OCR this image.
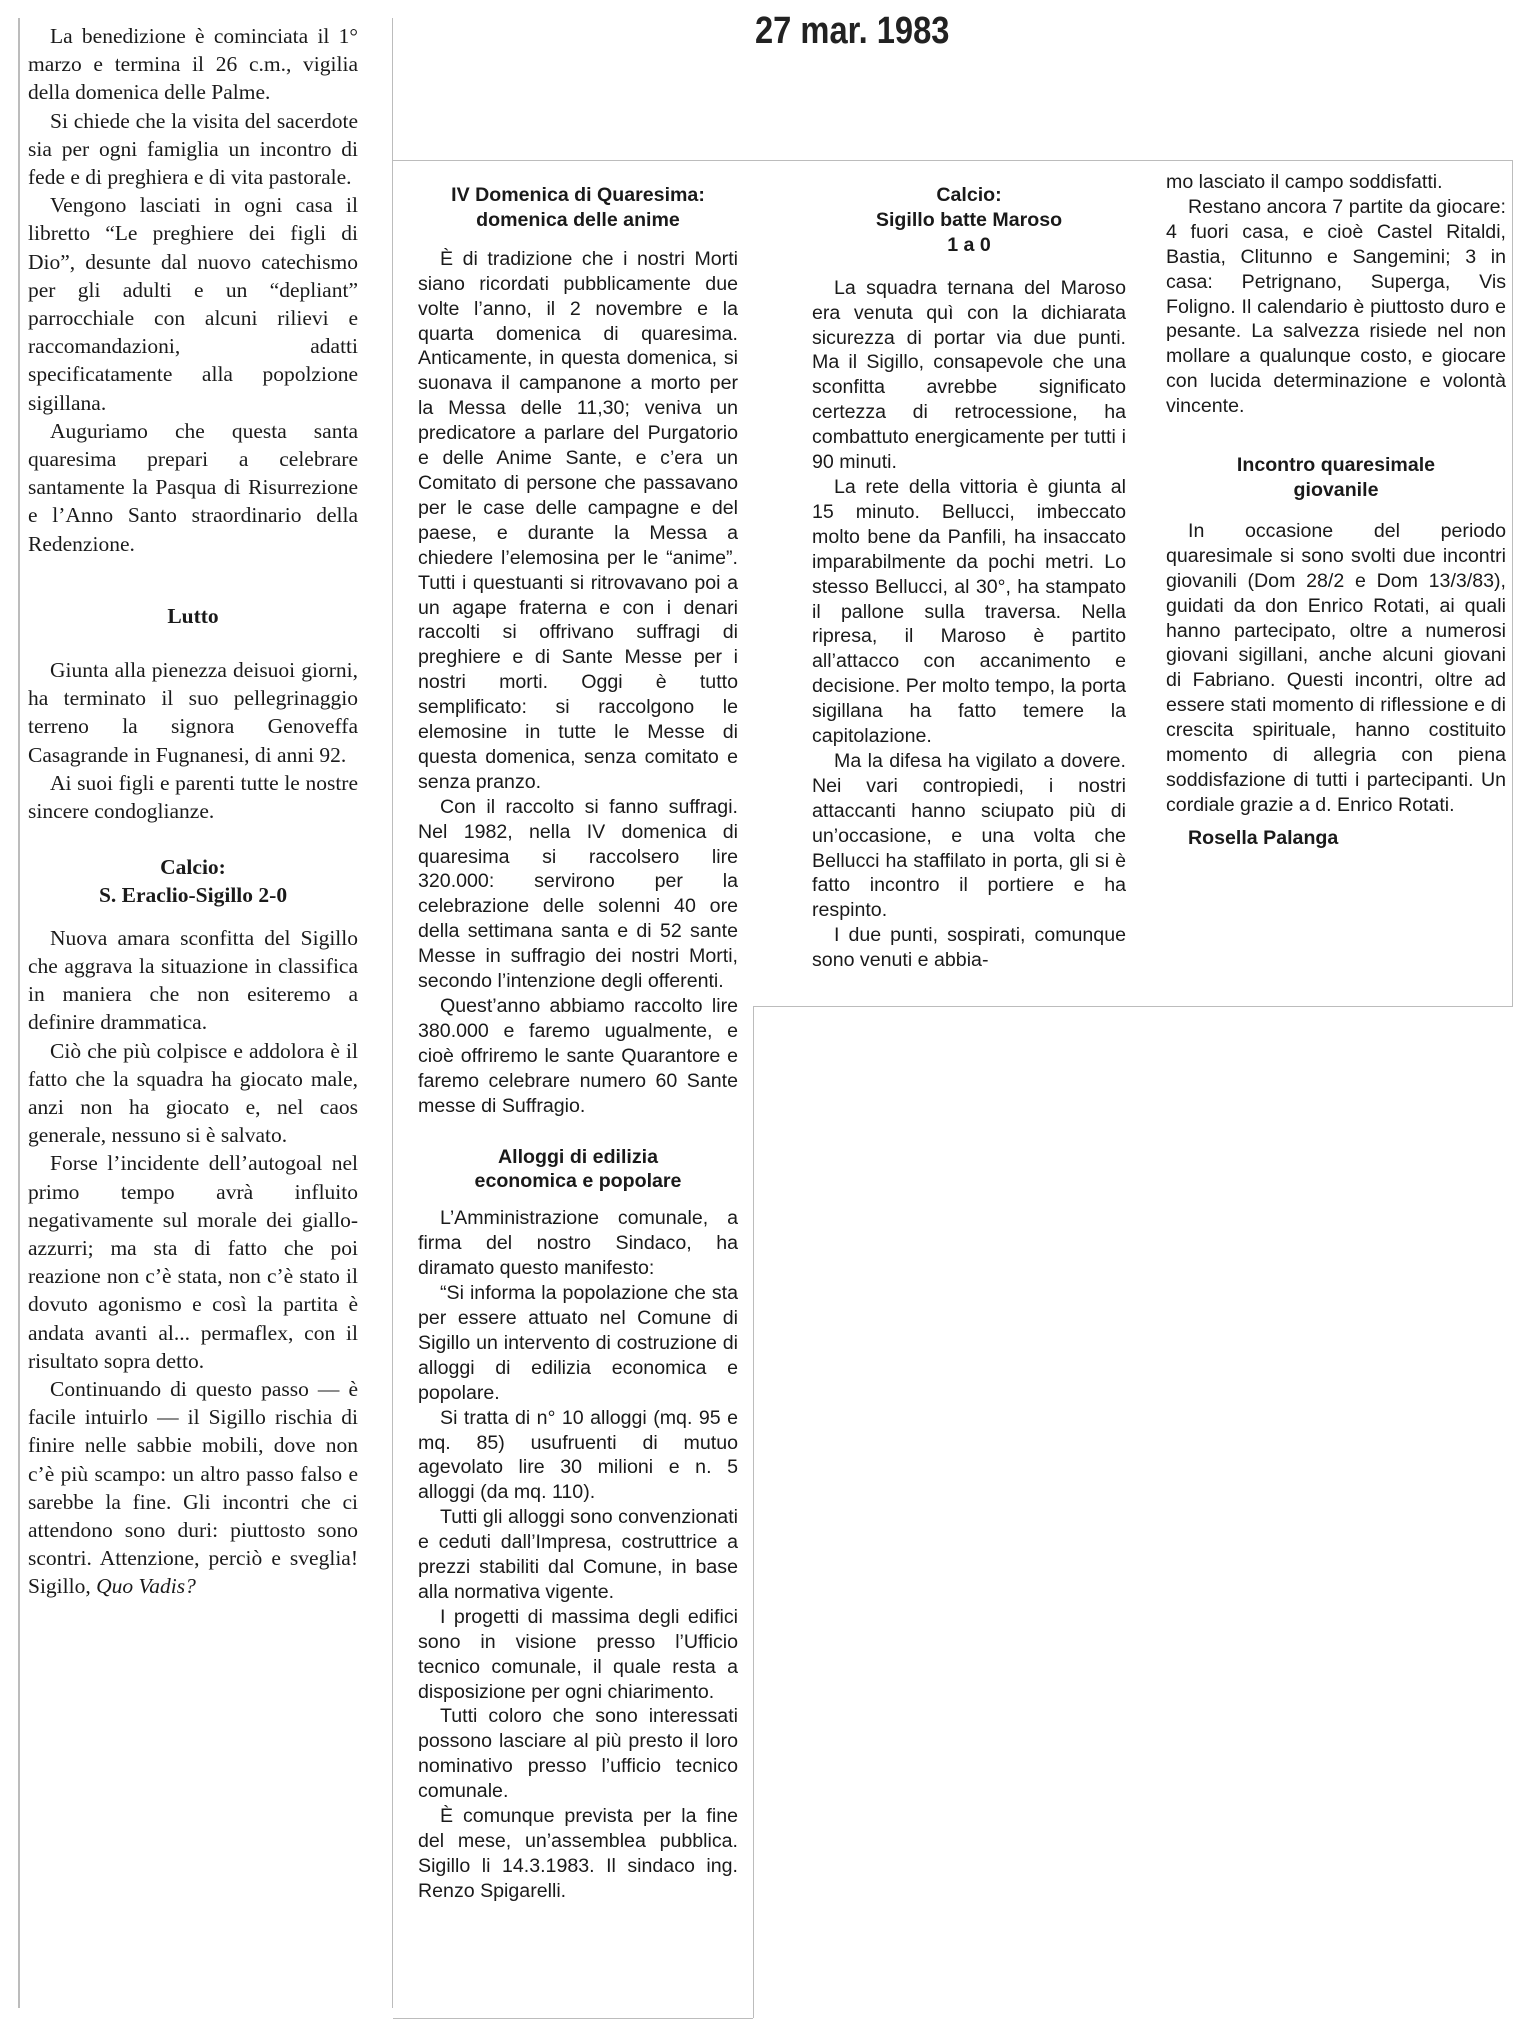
27 mar. 1983

La benedizione è cominciata il 1° marzo e termina il 26 c.m., vigilia della domenica delle Palme.

Si chiede che la visita del sacerdote sia per ogni famiglia un incontro di fede e di preghiera e di vita pastorale.

Vengono lasciati in ogni casa il libretto “Le preghiere dei figli di Dio”, desunte dal nuovo catechismo per gli adulti e un “depliant” parrocchiale con alcuni rilievi e raccomandazioni, adatti specificatamente alla popolzione sigillana.

Auguriamo che questa santa quaresima prepari a celebrare santamente la Pasqua di Risurrezione e l’Anno Santo straordinario della Redenzione.

Lutto

Giunta alla pienezza deisuoi giorni, ha terminato il suo pellegrinaggio terreno la signora Genoveffa Casagrande in Fugnanesi, di anni 92.

Ai suoi figli e parenti tutte le nostre sincere condoglianze.

Calcio:
S. Eraclio-Sigillo 2-0

Nuova amara sconfitta del Sigillo che aggrava la situazione in classifica in maniera che non esiteremo a definire drammatica.

Ciò che più colpisce e addolora è il fatto che la squadra ha giocato male, anzi non ha giocato e, nel caos generale, nessuno si è salvato.

Forse l’incidente dell’autogoal nel primo tempo avrà influito negativamente sul morale dei giallo-azzurri; ma sta di fatto che poi reazione non c’è stata, non c’è stato il dovuto agonismo e così la partita è andata avanti al... permaflex, con il risultato sopra detto.

Continuando di questo passo — è facile intuirlo — il Sigillo rischia di finire nelle sabbie mobili, dove non c’è più scampo: un altro passo falso e sarebbe la fine. Gli incontri che ci attendono sono duri: piuttosto sono scontri. Attenzione, perciò e sveglia! Sigillo, Quo Vadis?

IV Domenica di Quaresima:
domenica delle anime

È di tradizione che i nostri Morti siano ricordati pubblicamente due volte l’anno, il 2 novembre e la quarta domenica di quaresima. Anticamente, in questa domenica, si suonava il campanone a morto per la Messa delle 11,30; veniva un predicatore a parlare del Purgatorio e delle Anime Sante, e c’era un Comitato di persone che passavano per le case delle campagne e del paese, e durante la Messa a chiedere l’elemosina per le “anime”. Tutti i questuanti si ritrovavano poi a un agape fraterna e con i denari raccolti si offrivano suffragi di preghiere e di Sante Messe per i nostri morti. Oggi è tutto semplificato: si raccolgono le elemosine in tutte le Messe di questa domenica, senza comitato e senza pranzo.

Con il raccolto si fanno suffragi. Nel 1982, nella IV domenica di quaresima si raccolsero lire 320.000: servirono per la celebrazione delle solenni 40 ore della settimana santa e di 52 sante Messe in suffragio dei nostri Morti, secondo l’intenzione degli offerenti.

Quest’anno abbiamo raccolto lire 380.000 e faremo ugualmente, e cioè offriremo le sante Quarantore e faremo celebrare numero 60 Sante messe di Suffragio.

Alloggi di edilizia
economica e popolare

L’Amministrazione comunale, a firma del nostro Sindaco, ha diramato questo manifesto:

“Si informa la popolazione che sta per essere attuato nel Comune di Sigillo un intervento di costruzione di alloggi di edilizia economica e popolare.

Si tratta di n° 10 alloggi (mq. 95 e mq. 85) usufruenti di mutuo agevolato lire 30 milioni e n. 5 alloggi (da mq. 110).

Tutti gli alloggi sono convenzionati e ceduti dall’Impresa, costruttrice a prezzi stabiliti dal Comune, in base alla normativa vigente.

I progetti di massima degli edifici sono in visione presso l’Ufficio tecnico comunale, il quale resta a disposizione per ogni chiarimento.

Tutti coloro che sono interessati possono lasciare al più presto il loro nominativo presso l’ufficio tecnico comunale.

È comunque prevista per la fine del mese, un’assemblea pubblica. Sigillo li 14.3.1983. Il sindaco ing. Renzo Spigarelli.

Calcio:
Sigillo batte Maroso
1 a 0

La squadra ternana del Maroso era venuta quì con la dichiarata sicurezza di portar via due punti. Ma il Sigillo, consapevole che una sconfitta avrebbe significato certezza di retrocessione, ha combattuto energicamente per tutti i 90 minuti.

La rete della vittoria è giunta al 15 minuto. Bellucci, imbeccato molto bene da Panfili, ha insaccato imparabilmente da pochi metri. Lo stesso Bellucci, al 30°, ha stampato il pallone sulla traversa. Nella ripresa, il Maroso è partito all’attacco con accanimento e decisione. Per molto tempo, la porta sigillana ha fatto temere la capitolazione.

Ma la difesa ha vigilato a dovere. Nei vari contropiedi, i nostri attaccanti hanno sciupato più di un’occasione, e una volta che Bellucci ha staffilato in porta, gli si è fatto incontro il portiere e ha respinto.

I due punti, sospirati, comunque sono venuti e abbia-

mo lasciato il campo soddisfatti.

Restano ancora 7 partite da giocare: 4 fuori casa, e cioè Castel Ritaldi, Bastia, Clitunno e Sangemini; 3 in casa: Petrignano, Superga, Vis Foligno. Il calendario è piuttosto duro e pesante. La salvezza risiede nel non mollare a qualunque costo, e giocare con lucida determinazione e volontà vincente.

Incontro quaresimale
giovanile

In occasione del periodo quaresimale si sono svolti due incontri giovanili (Dom 28/2 e Dom 13/3/83), guidati da don Enrico Rotati, ai quali hanno partecipato, oltre a numerosi giovani sigillani, anche alcuni giovani di Fabriano. Questi incontri, oltre ad essere stati momento di riflessione e di crescita spirituale, hanno costituito momento di allegria con piena soddisfazione di tutti i partecipanti. Un cordiale grazie a d. Enrico Rotati.

Rosella Palanga
